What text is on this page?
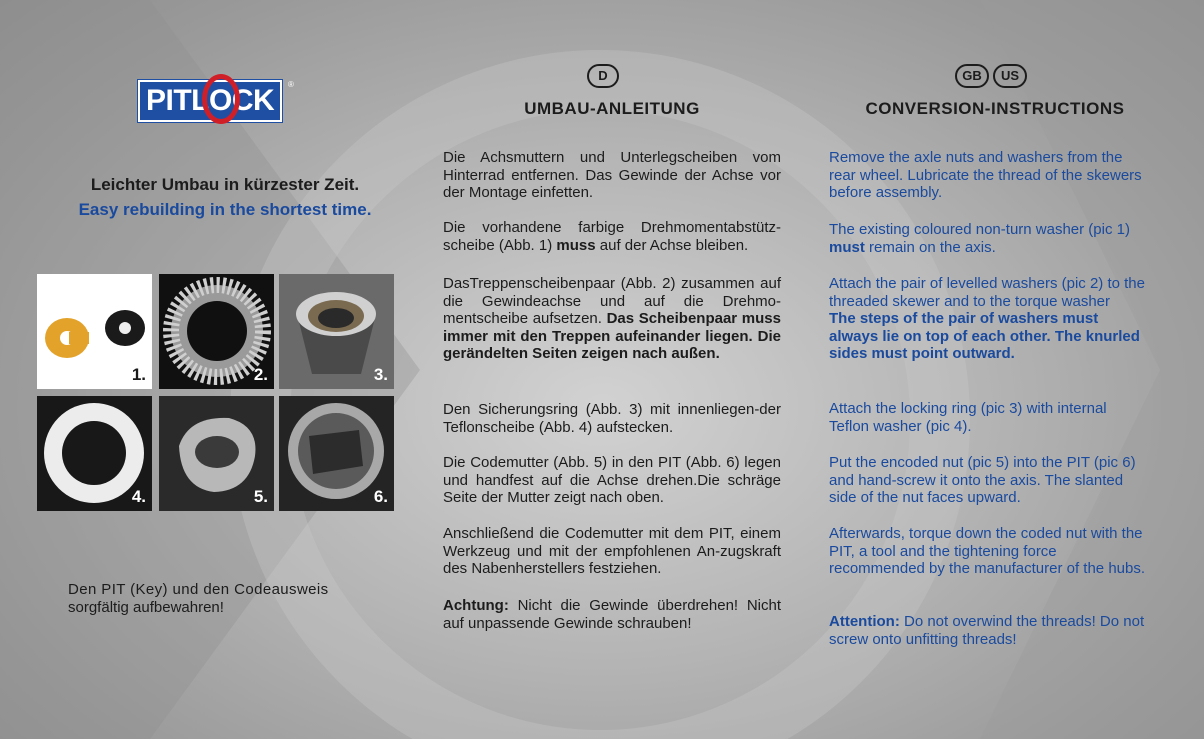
PITLOCK	®
Leichter Umbau in kürzester Zeit.
Easy rebuilding in the shortest time.
1.	2.	3.
4.	5.	6.
Den PIT (Key) und den Codeausweis
sorgfältig aufbewahren!
D	GB	US
UMBAU-ANLEITUNG	CONVERSION-INSTRUCTIONS

Die Achsmuttern und Unterlegscheiben vom Hinterrad entfernen. Das Gewinde der Achse vor der Montage einfetten.

Die vorhandene farbige Drehmomentabstütz-scheibe (Abb. 1) muss auf der Achse bleiben.

DasTreppenscheibenpaar (Abb. 2) zusammen auf die Gewindeachse und auf die Drehmo-mentscheibe aufsetzen. Das Scheibenpaar muss immer mit den Treppen aufeinander liegen. Die gerändelten Seiten zeigen nach außen.

Den Sicherungsring (Abb. 3) mit innenliegen-der Teflonscheibe (Abb. 4) aufstecken.

Die Codemutter (Abb. 5) in den PIT (Abb. 6) legen und handfest auf die Achse drehen.Die schräge Seite der Mutter zeigt nach oben.

Anschließend die Codemutter mit dem PIT, einem Werkzeug und mit der empfohlenen An-zugskraft des Nabenherstellers festziehen.

Achtung: Nicht die Gewinde überdrehen! Nicht auf unpassende Gewinde schrauben!

Remove the axle nuts and washers from the rear wheel. Lubricate the thread of the skewers before assembly.

The existing coloured non-turn washer (pic 1) must remain on the axis.

Attach the pair of levelled washers (pic 2) to the threaded skewer and to the torque washer
The steps of the pair of washers must always lie on top of each other. The knurled sides must point outward.

Attach the locking ring (pic 3) with internal Teflon washer (pic 4).

Put the encoded nut (pic 5) into the PIT (pic 6) and hand-screw it onto the axis. The slanted side of the nut faces upward.

Afterwards, torque down the coded nut with the PIT, a tool and the tightening force recommended by the manufacturer of the hubs.

Attention: Do not overwind the threads! Do not screw onto unfitting threads!
